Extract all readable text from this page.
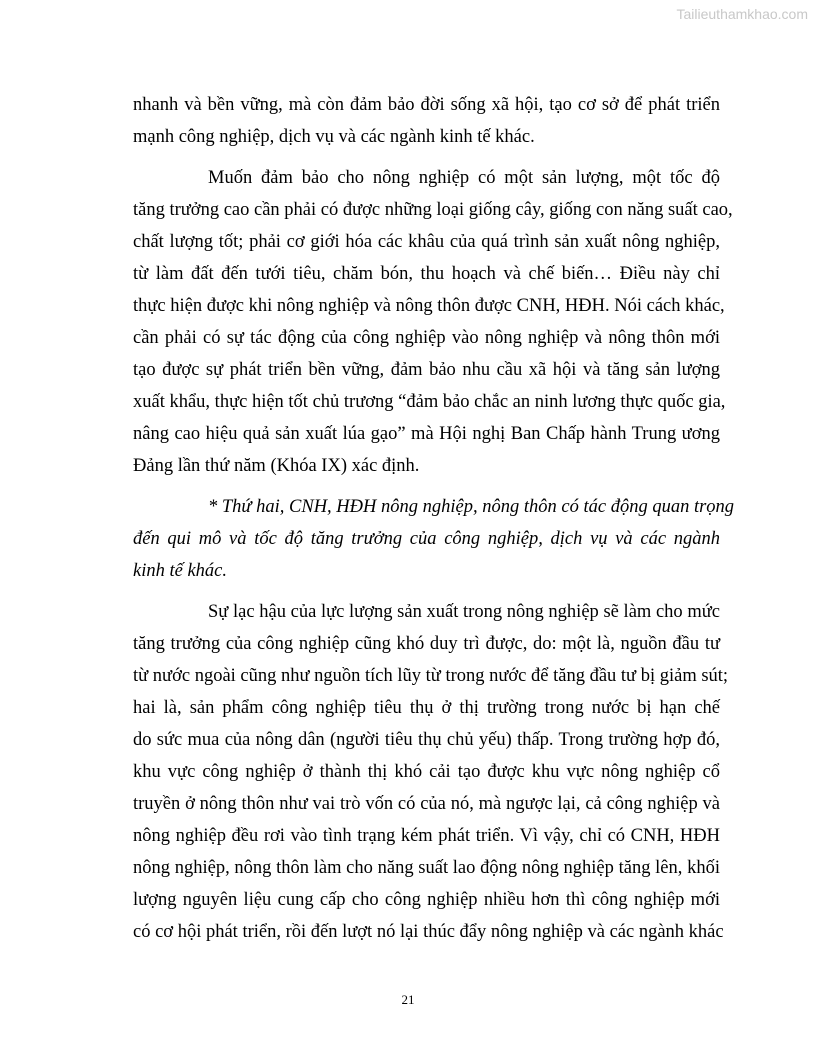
Tailieuthamkhao.com
nhanh và bền vững, mà còn đảm bảo đời sống xã hội, tạo cơ sở để phát triển
mạnh công nghiệp, dịch vụ và các ngành kinh tế khác.
Muốn đảm bảo cho nông nghiệp có một sản lượng, một tốc độ
tăng trưởng cao cần phải có được những loại giống cây, giống con năng suất cao,
chất lượng tốt; phải cơ giới hóa các khâu của quá trình sản xuất nông nghiệp,
từ làm đất đến tưới tiêu, chăm bón, thu hoạch và chế biến… Điều này chỉ
thực hiện được khi nông nghiệp và nông thôn được CNH, HĐH. Nói cách khác,
cần phải có sự tác động của công nghiệp vào nông nghiệp và nông thôn mới
tạo được sự phát triển bền vững, đảm bảo nhu cầu xã hội và tăng sản lượng
xuất khẩu, thực hiện tốt chủ trương “đảm bảo chắc an ninh lương thực quốc gia,
nâng cao hiệu quả sản xuất lúa gạo” mà Hội nghị Ban Chấp hành Trung ương
Đảng lần thứ năm (Khóa IX) xác định.
* Thứ hai, CNH, HĐH nông nghiệp, nông thôn có tác động quan trọng
đến qui mô và tốc độ tăng trưởng của công nghiệp, dịch vụ và các ngành
kinh tế khác.
Sự lạc hậu của lực lượng sản xuất trong nông nghiệp sẽ làm cho mức
tăng trưởng của công nghiệp cũng khó duy trì được, do: một là, nguồn đầu tư
từ nước ngoài cũng như nguồn tích lũy từ trong nước để tăng đầu tư bị giảm sút;
hai là, sản phẩm công nghiệp tiêu thụ ở thị trường trong nước bị hạn chế
do sức mua của nông dân (người tiêu thụ chủ yếu) thấp. Trong trường hợp đó,
khu vực công nghiệp ở thành thị khó cải tạo được khu vực nông nghiệp cổ
truyền ở nông thôn như vai trò vốn có của nó, mà ngược lại, cả công nghiệp và
nông nghiệp đều rơi vào tình trạng kém phát triển. Vì vậy, chỉ có CNH, HĐH
nông nghiệp, nông thôn làm cho năng suất lao động nông nghiệp tăng lên, khối
lượng nguyên liệu cung cấp cho công nghiệp nhiều hơn thì công nghiệp mới
có cơ hội phát triển, rồi đến lượt nó lại thúc đẩy nông nghiệp và các ngành khác
21
